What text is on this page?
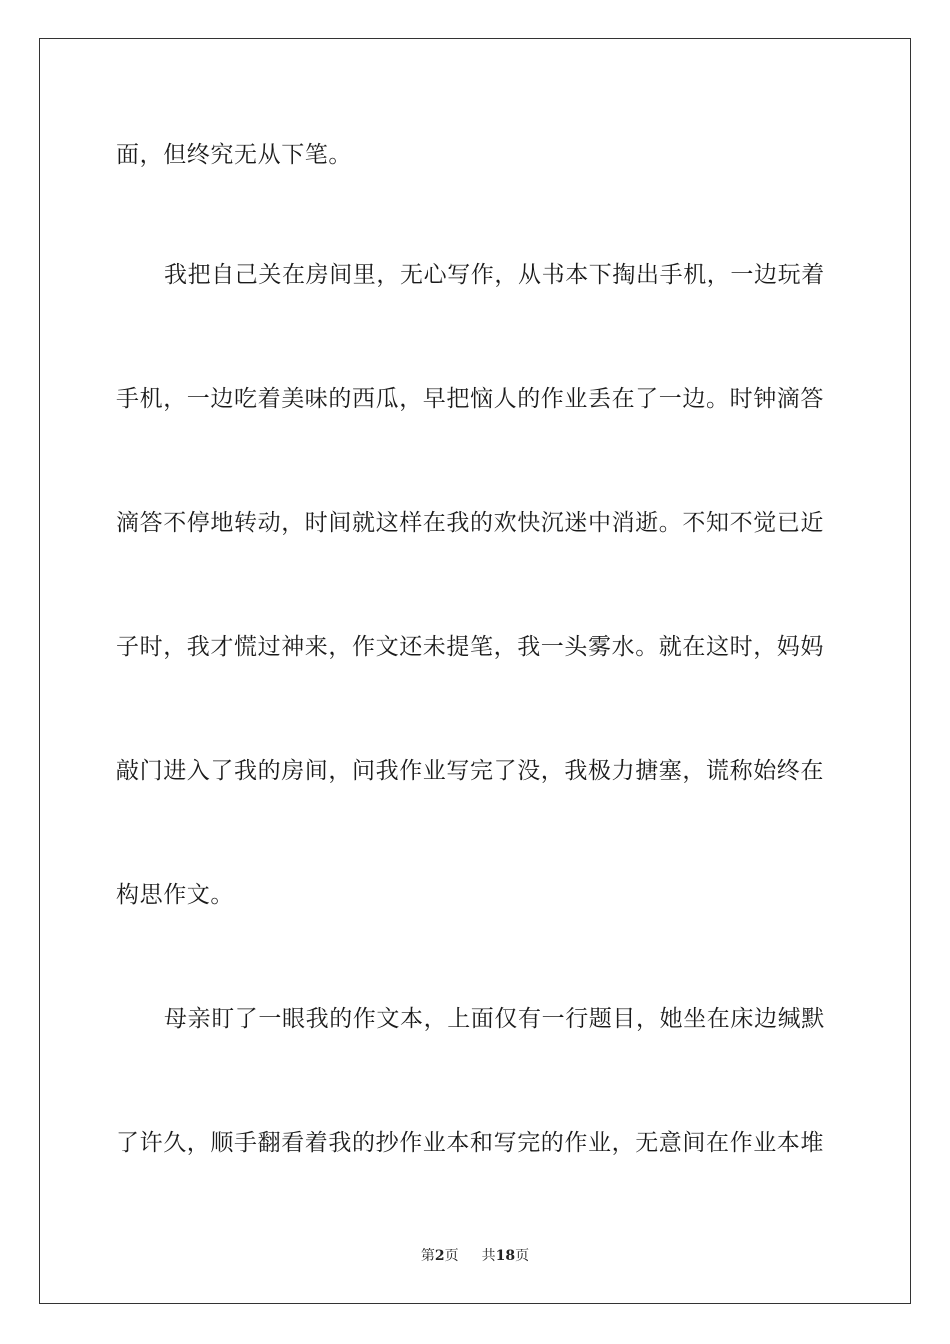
面，但终究无从下笔。
我把自己关在房间里，无心写作，从书本下掏出手机，一边玩着
手机，一边吃着美味的西瓜，早把恼人的作业丢在了一边。时钟滴答
滴答不停地转动，时间就这样在我的欢快沉迷中消逝。不知不觉已近
子时，我才慌过神来，作文还未提笔，我一头雾水。就在这时，妈妈
敲门进入了我的房间，问我作业写完了没，我极力搪塞，谎称始终在
构思作文。
母亲盯了一眼我的作文本，上面仅有一行题目，她坐在床边缄默
了许久，顺手翻看着我的抄作业本和写完的作业，无意间在作业本堆
第2页 共18页
